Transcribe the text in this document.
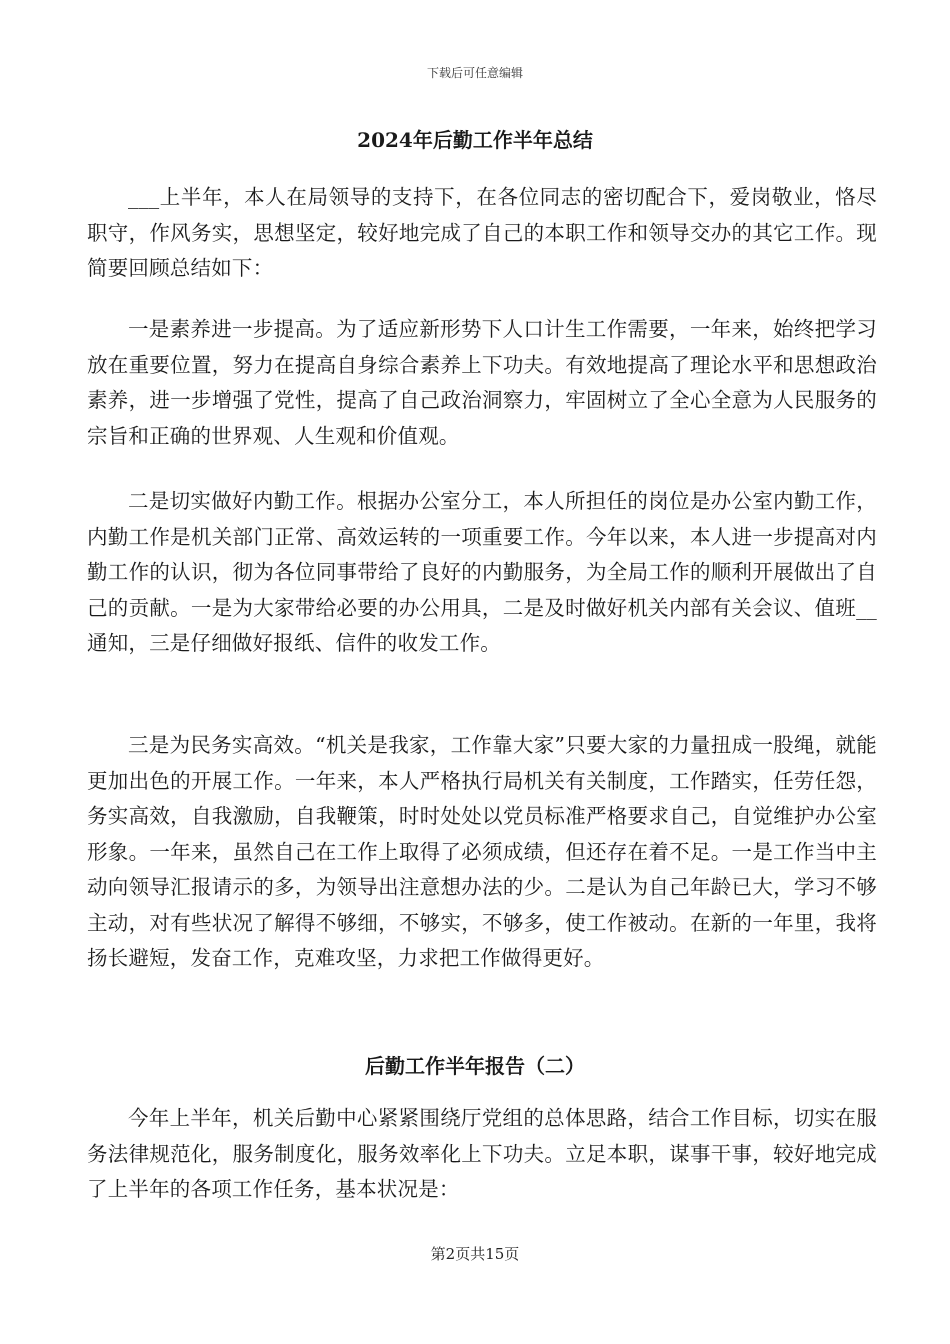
下载后可任意编辑
2024年后勤工作半年总结

___上半年，本人在局领导的支持下，在各位同志的密切配合下，爱岗敬业，恪尽职守，作风务实，思想坚定，较好地完成了自己的本职工作和领导交办的其它工作。现简要回顾总结如下：

一是素养进一步提高。为了适应新形势下人口计生工作需要，一年来，始终把学习放在重要位置，努力在提高自身综合素养上下功夫。有效地提高了理论水平和思想政治素养，进一步增强了党性，提高了自己政治洞察力，牢固树立了全心全意为人民服务的宗旨和正确的世界观、人生观和价值观。

二是切实做好内勤工作。根据办公室分工，本人所担任的岗位是办公室内勤工作，内勤工作是机关部门正常、高效运转的一项重要工作。今年以来，本人进一步提高对内勤工作的认识，彻为各位同事带给了良好的内勤服务，为全局工作的顺利开展做出了自己的贡献。一是为大家带给必要的办公用具，二是及时做好机关内部有关会议、值班__通知，三是仔细做好报纸、信件的收发工作。

三是为民务实高效。“机关是我家，工作靠大家”只要大家的力量扭成一股绳，就能更加出色的开展工作。一年来，本人严格执行局机关有关制度，工作踏实，任劳任怨，务实高效，自我激励，自我鞭策，时时处处以党员标准严格要求自己，自觉维护办公室形象。一年来，虽然自己在工作上取得了必须成绩，但还存在着不足。一是工作当中主动向领导汇报请示的多，为领导出注意想办法的少。二是认为自己年龄已大，学习不够主动，对有些状况了解得不够细，不够实，不够多，使工作被动。在新的一年里，我将扬长避短，发奋工作，克难攻坚，力求把工作做得更好。

后勤工作半年报告（二）

今年上半年，机关后勤中心紧紧围绕厅党组的总体思路，结合工作目标，切实在服务法律规范化，服务制度化，服务效率化上下功夫。立足本职，谋事干事，较好地完成了上半年的各项工作任务，基本状况是：

第2页共15页
